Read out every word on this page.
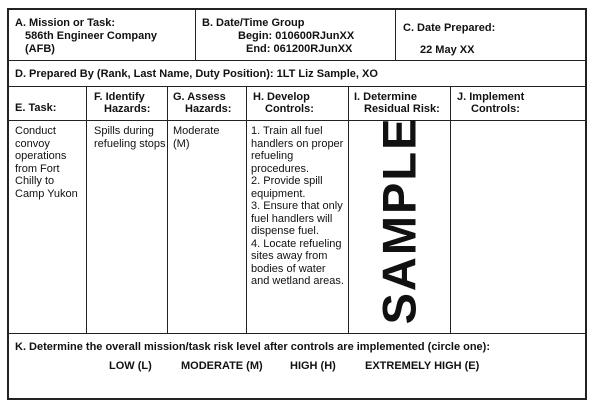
A. Mission or Task:
586th Engineer Company
(AFB)
B. Date/Time Group
Begin: 010600RJunXX
End: 061200RJunXX
C. Date Prepared:
22 May XX
D. Prepared By (Rank, Last Name, Duty Position): 1LT Liz Sample, XO
E. Task:
F. Identify
Hazards:
G. Assess
Hazards:
H. Develop
Controls:
I. Determine
Residual Risk:
J. Implement
Controls:
Conduct convoy operations from Fort Chilly to Camp Yukon
Spills during refueling stops
Moderate
(M)
1. Train all fuel handlers on proper refueling procedures.
2. Provide spill equipment.
3. Ensure that only fuel handlers will dispense fuel.
4. Locate refueling sites away from bodies of water and wetland areas.
K. Determine the overall mission/task risk level after controls are implemented (circle one):
SAMPLE
LOW (L)	MODERATE (M) HIGH (H)	EXTREMELY HIGH (E)
